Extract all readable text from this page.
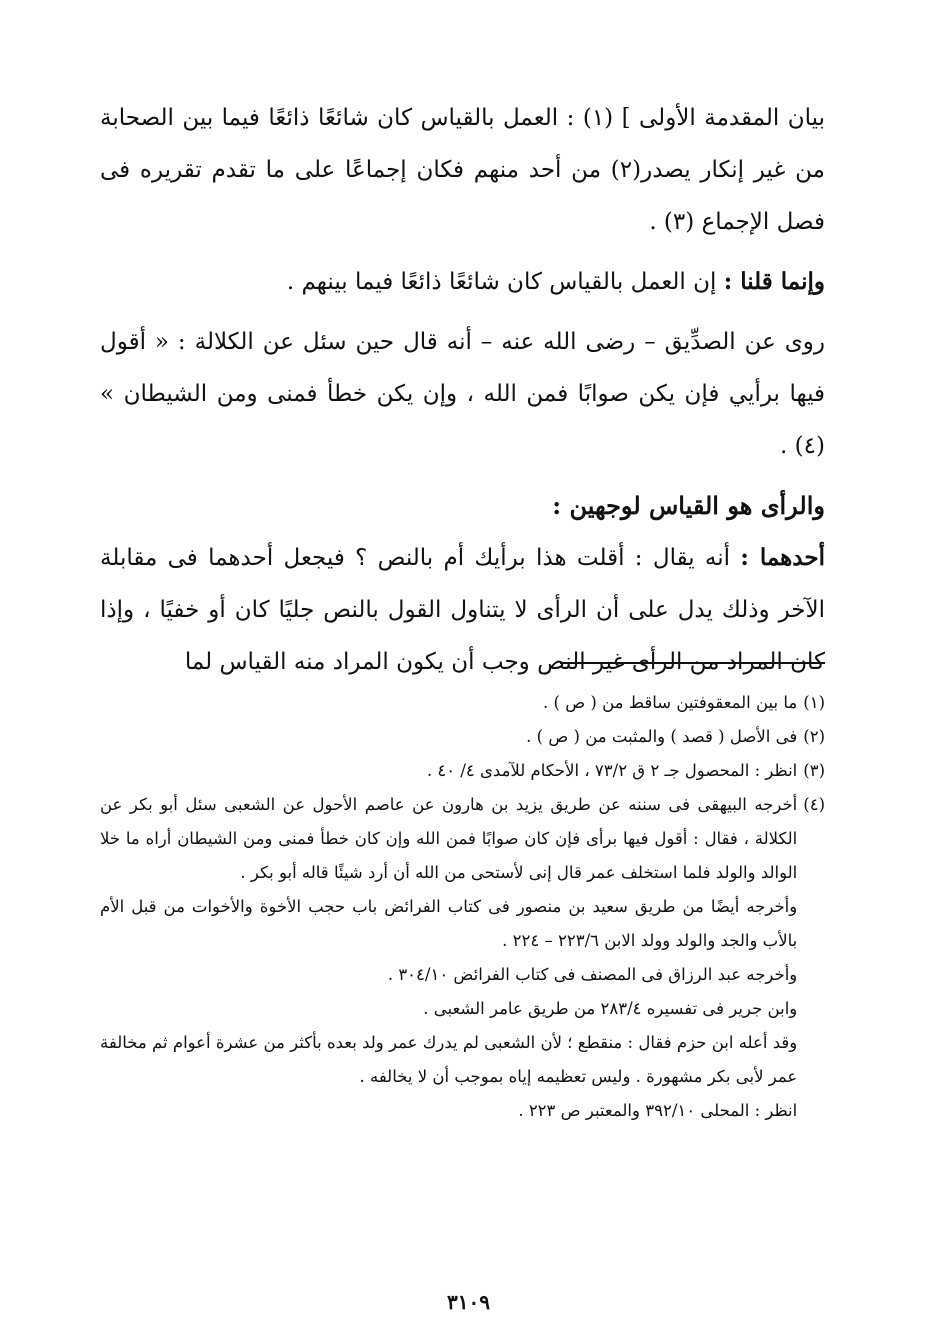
بيان المقدمة الأولى ] (١) : العمل بالقياس كان شائعًا ذائعًا فيما بين الصحابة من غير إنكار يصدر(٢) من أحد منهم فكان إجماعًا على ما تقدم تقريره فى فصل الإجماع (٣) .

وإنما قلنا : إن العمل بالقياس كان شائعًا ذائعًا فيما بينهم .

روى عن الصدِّيق – رضى الله عنه – أنه قال حين سئل عن الكلالة : « أقول فيها برأيي فإن يكن صوابًا فمن الله ، وإن يكن خطأ فمنى ومن الشيطان » (٤) .

والرأى هو القياس لوجهين :

أحدهما : أنه يقال : أقلت هذا برأيك أم بالنص ؟ فيجعل أحدهما فى مقابلة الآخر وذلك يدل على أن الرأى لا يتناول القول بالنص جليًا كان أو خفيًا ، وإذا كان المراد من الرأى غير النص وجب أن يكون المراد منه القياس لما

(١)

ما بين المعقوفتين ساقط من ( ص ) .

(٢)

فى الأصل ( قصد ) والمثبت من ( ص ) .

(٣)

انظر : المحصول جـ ٢ ق ٧٣/٢ ، الأحكام للآمدى ٤/ ٤٠ .

(٤)

أخرجه البيهقى فى سننه عن طريق يزيد بن هارون عن عاصم الأحول عن الشعبى سئل أبو بكر عن الكلالة ، فقال : أقول فيها برأى فإن كان صوابًا فمن الله وإن كان خطأ فمنى ومن الشيطان أراه ما خلا الوالد والولد فلما استخلف عمر قال إنى لأستحى من الله أن أرد شيئًا قاله أبو بكر .

وأخرجه أيضًا من طريق سعيد بن منصور فى كتاب الفرائض باب حجب الأخوة والأخوات من قبل الأم بالأب والجد والولد وولد الابن ٢٢٣/٦ – ٢٢٤ .

وأخرجه عبد الرزاق فى المصنف فى كتاب الفرائض ٣٠٤/١٠ .

وابن جرير فى تفسيره ٢٨٣/٤ من طريق عامر الشعبى .

وقد أعله ابن حزم فقال : منقطع ؛ لأن الشعبى لم يدرك عمر ولد بعده بأكثر من عشرة أعوام ثم مخالفة عمر لأبى بكر مشهورة . وليس تعظيمه إياه بموجب أن لا يخالفه .

انظر : المحلى ٣٩٢/١٠ والمعتبر ص ٢٢٣ .

٣١٠٩
